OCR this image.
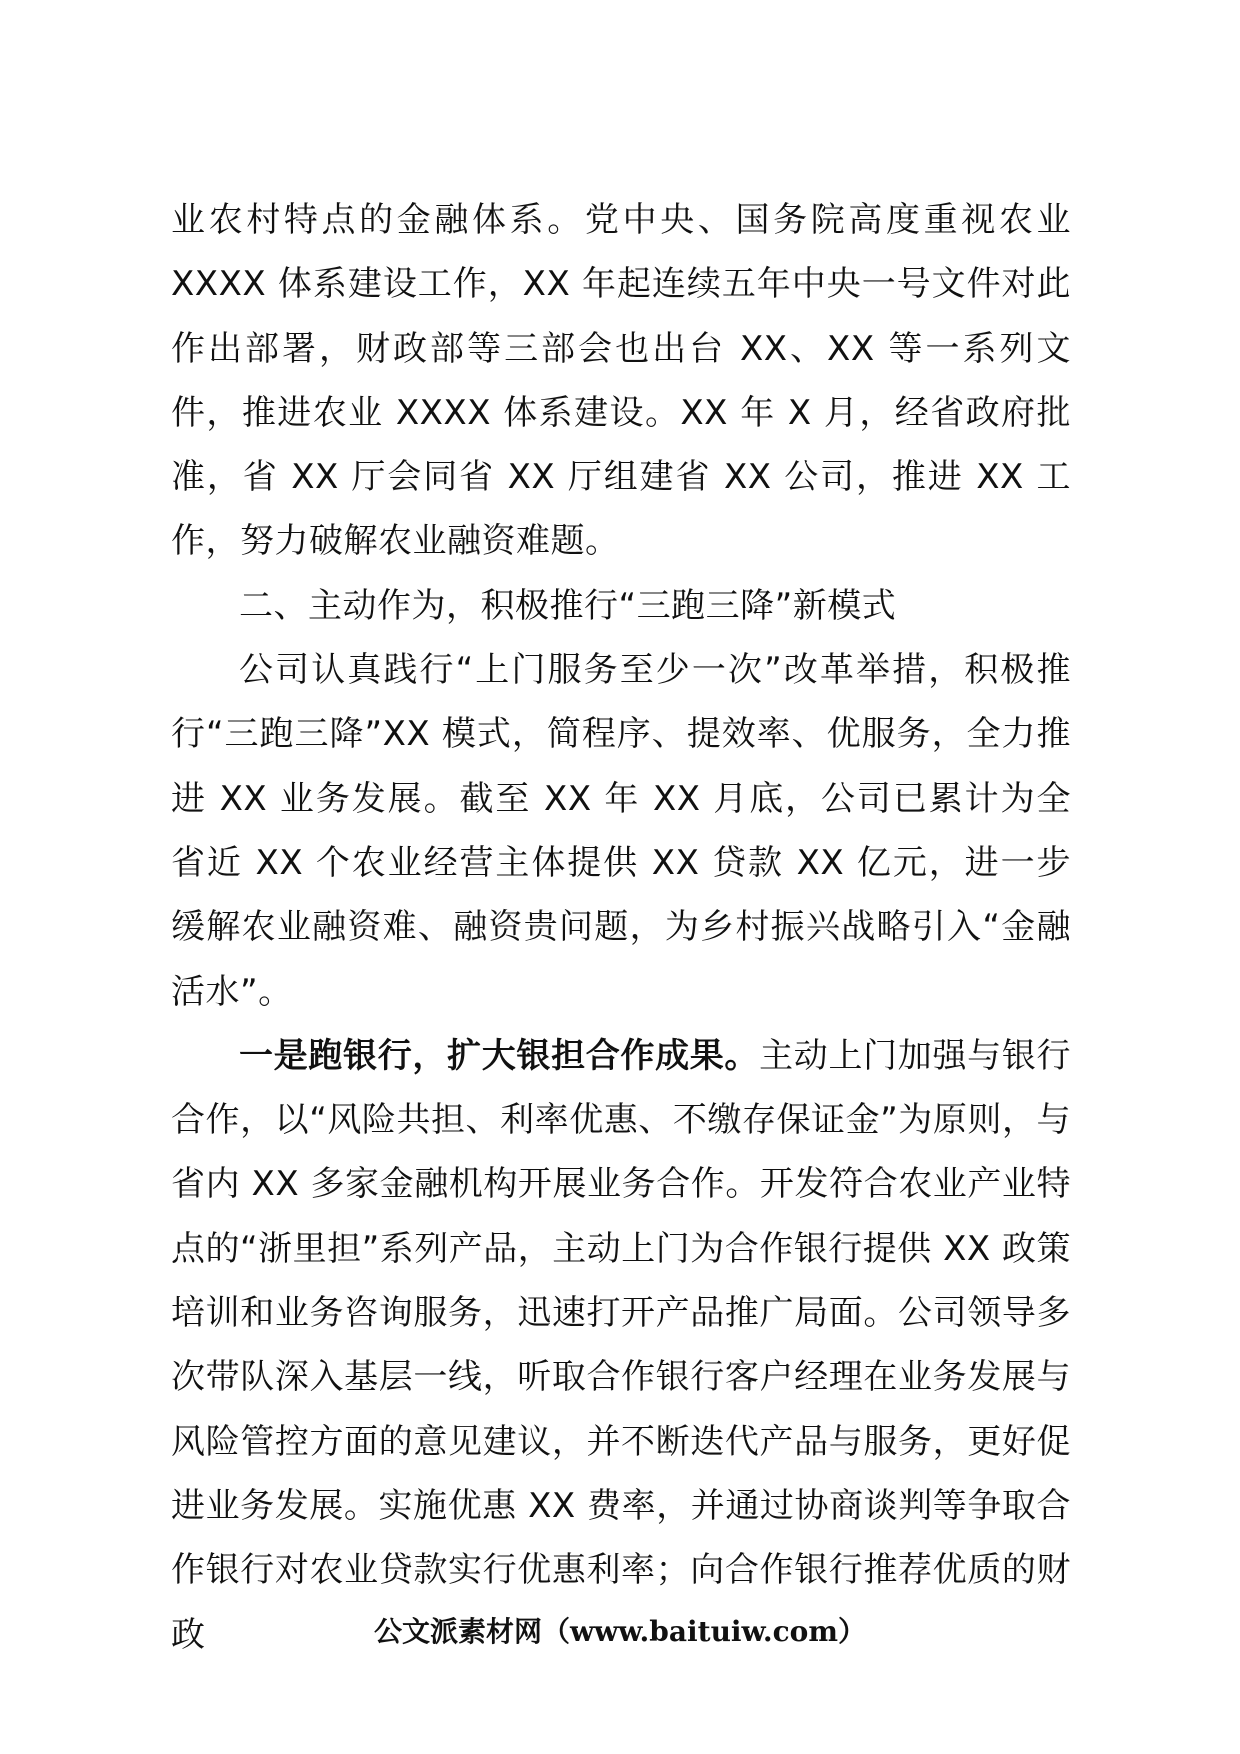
业农村特点的金融体系。党中央、国务院高度重视农业XXXX 体系建设工作，XX 年起连续五年中央一号文件对此作出部署，财政部等三部会也出台 XX、XX 等一系列文件，推进农业 XXXX 体系建设。XX 年 X 月，经省政府批准，省 XX 厅会同省 XX 厅组建省 XX 公司，推进 XX 工作，努力破解农业融资难题。

二、主动作为，积极推行“三跑三降”新模式

公司认真践行“上门服务至少一次”改革举措，积极推行“三跑三降”XX 模式，简程序、提效率、优服务，全力推进 XX 业务发展。截至 XX 年 XX 月底，公司已累计为全省近 XX 个农业经营主体提供 XX 贷款 XX 亿元，进一步缓解农业融资难、融资贵问题，为乡村振兴战略引入“金融活水”。

一是跑银行，扩大银担合作成果。主动上门加强与银行合作，以“风险共担、利率优惠、不缴存保证金”为原则，与省内 XX 多家金融机构开展业务合作。开发符合农业产业特点的“浙里担”系列产品，主动上门为合作银行提供 XX 政策培训和业务咨询服务，迅速打开产品推广局面。公司领导多次带队深入基层一线，听取合作银行客户经理在业务发展与风险管控方面的意见建议，并不断迭代产品与服务，更好促进业务发展。实施优惠 XX 费率，并通过协商谈判等争取合作银行对农业贷款实行优惠利率；向合作银行推荐优质的财政	公文派素材网（www.baituiw.com）
